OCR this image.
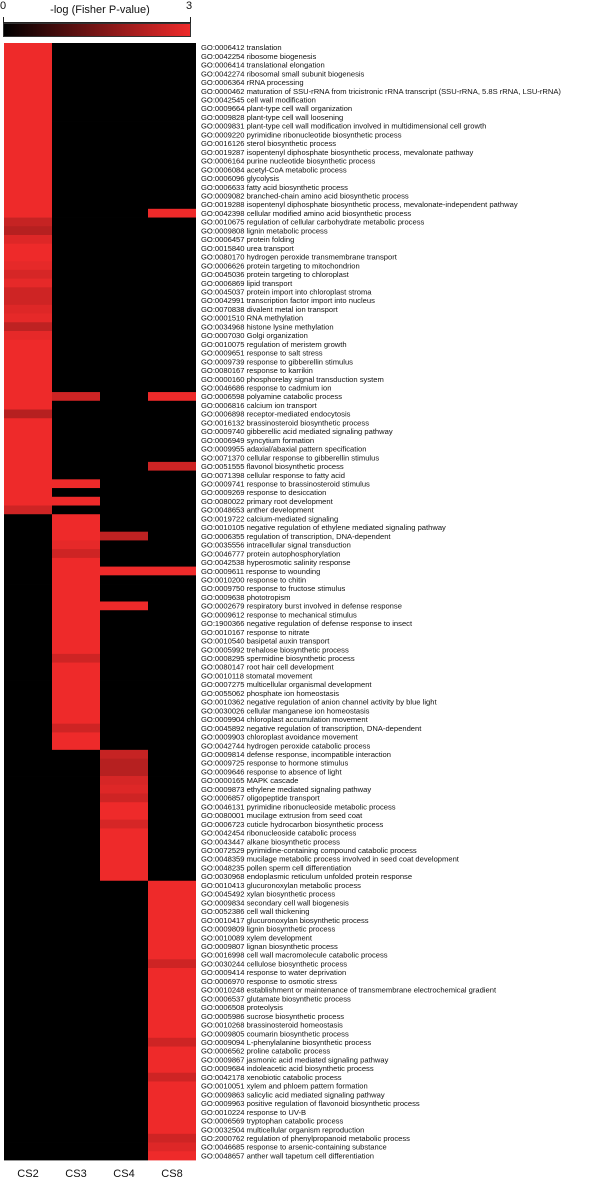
0	3
-log (Fisher P-value)
GO:0006412 translation
GO:0042254 ribosome biogenesis
GO:0006414 translational elongation
GO:0042274 ribosomal small subunit biogenesis
GO:0006364 rRNA processing
GO:0000462 maturation of SSU-rRNA from tricistronic rRNA transcript (SSU-rRNA, 5.8S rRNA, LSU-rRNA)
GO:0042545 cell wall modification
GO:0009664 plant-type cell wall organization
GO:0009828 plant-type cell wall loosening
GO:0009831 plant-type cell wall modification involved in multidimensional cell growth
GO:0009220 pyrimidine ribonucleotide biosynthetic process
GO:0016126 sterol biosynthetic process
GO:0019287 isopentenyl diphosphate biosynthetic process, mevalonate pathway
GO:0006164 purine nucleotide biosynthetic process
GO:0006084 acetyl-CoA metabolic process
GO:0006096 glycolysis
GO:0006633 fatty acid biosynthetic process
GO:0009082 branched-chain amino acid biosynthetic process
GO:0019288 isopentenyl diphosphate biosynthetic process, mevalonate-independent pathway
GO:0042398 cellular modified amino acid biosynthetic process
GO:0010675 regulation of cellular carbohydrate metabolic process
GO:0009808 lignin metabolic process
GO:0006457 protein folding
GO:0015840 urea transport
GO:0080170 hydrogen peroxide transmembrane transport
GO:0006626 protein targeting to mitochondrion
GO:0045036 protein targeting to chloroplast
GO:0006869 lipid transport
GO:0045037 protein import into chloroplast stroma
GO:0042991 transcription factor import into nucleus
GO:0070838 divalent metal ion transport
GO:0001510 RNA methylation
GO:0034968 histone lysine methylation
GO:0007030 Golgi organization
GO:0010075 regulation of meristem growth
GO:0009651 response to salt stress
GO:0009739 response to gibberellin stimulus
GO:0080167 response to karrikin
GO:0000160 phosphorelay signal transduction system
GO:0046686 response to cadmium ion
GO:0006598 polyamine catabolic process
GO:0006816 calcium ion transport
GO:0006898 receptor-mediated endocytosis
GO:0016132 brassinosteroid biosynthetic process
GO:0009740 gibberellic acid mediated signaling pathway
GO:0006949 syncytium formation
GO:0009955 adaxial/abaxial pattern specification
GO:0071370 cellular response to gibberellin stimulus
GO:0051555 flavonol biosynthetic process
GO:0071398 cellular response to fatty acid
GO:0009741 response to brassinosteroid stimulus
GO:0009269 response to desiccation
GO:0080022 primary root development
GO:0048653 anther development
GO:0019722 calcium-mediated signaling
GO:0010105 negative regulation of ethylene mediated signaling pathway
GO:0006355 regulation of transcription, DNA-dependent
GO:0035556 intracellular signal transduction
GO:0046777 protein autophosphorylation
GO:0042538 hyperosmotic salinity response
GO:0009611 response to wounding
GO:0010200 response to chitin
GO:0009750 response to fructose stimulus
GO:0009638 phototropism
GO:0002679 respiratory burst involved in defense response
GO:0009612 response to mechanical stimulus
GO:1900366 negative regulation of defense response to insect
GO:0010167 response to nitrate
GO:0010540 basipetal auxin transport
GO:0005992 trehalose biosynthetic process
GO:0008295 spermidine biosynthetic process
GO:0080147 root hair cell development
GO:0010118 stomatal movement
GO:0007275 multicellular organismal development
GO:0055062 phosphate ion homeostasis
GO:0010362 negative regulation of anion channel activity by blue light
GO:0030026 cellular manganese ion homeostasis
GO:0009904 chloroplast accumulation movement
GO:0045892 negative regulation of transcription, DNA-dependent
GO:0009903 chloroplast avoidance movement
GO:0042744 hydrogen peroxide catabolic process
GO:0009814 defense response, incompatible interaction
GO:0009725 response to hormone stimulus
GO:0009646 response to absence of light
GO:0000165 MAPK cascade
GO:0009873 ethylene mediated signaling pathway
GO:0006857 oligopeptide transport
GO:0046131 pyrimidine ribonucleoside metabolic process
GO:0080001 mucilage extrusion from seed coat
GO:0006723 cuticle hydrocarbon biosynthetic process
GO:0042454 ribonucleoside catabolic process
GO:0043447 alkane biosynthetic process
GO:0072529 pyrimidine-containing compound catabolic process
GO:0048359 mucilage metabolic process involved in seed coat development
GO:0048235 pollen sperm cell differentiation
GO:0030968 endoplasmic reticulum unfolded protein response
GO:0010413 glucuronoxylan metabolic process
GO:0045492 xylan biosynthetic process
GO:0009834 secondary cell wall biogenesis
GO:0052386 cell wall thickening
GO:0010417 glucuronoxylan biosynthetic process
GO:0009809 lignin biosynthetic process
GO:0010089 xylem development
GO:0009807 lignan biosynthetic process
GO:0016998 cell wall macromolecule catabolic process
GO:0030244 cellulose biosynthetic process
GO:0009414 response to water deprivation
GO:0006970 response to osmotic stress
GO:0010248 establishment or maintenance of transmembrane electrochemical gradient
GO:0006537 glutamate biosynthetic process
GO:0006508 proteolysis
GO:0005986 sucrose biosynthetic process
GO:0010268 brassinosteroid homeostasis
GO:0009805 coumarin biosynthetic process
GO:0009094 L-phenylalanine biosynthetic process
GO:0006562 proline catabolic process
GO:0009867 jasmonic acid mediated signaling pathway
GO:0009684 indoleacetic acid biosynthetic process
GO:0042178 xenobiotic catabolic process
GO:0010051 xylem and phloem pattern formation
GO:0009863 salicylic acid mediated signaling pathway
GO:0009963 positive regulation of flavonoid biosynthetic process
GO:0010224 response to UV-B
GO:0006569 tryptophan catabolic process
GO:0032504 multicellular organism reproduction
GO:2000762 regulation of phenylpropanoid metabolic process
GO:0046685 response to arsenic-containing substance
GO:0048657 anther wall tapetum cell differentiation
CS2 CS3 CS4 CS8
